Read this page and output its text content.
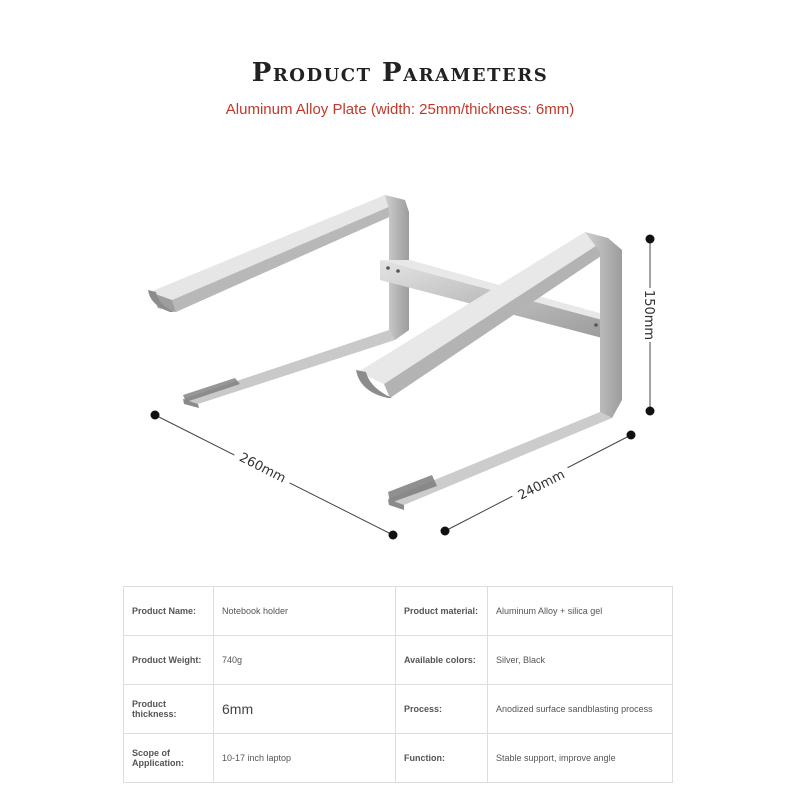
Product Parameters
Aluminum Alloy Plate (width: 25mm/thickness: 6mm)
260mm	240mm
150mm
Product Name:	Notebook holder	Product material:	Aluminum Alloy + silica gel
Product Weight:	740g	Available colors:	Silver, Black
Product thickness:	6mm	Process:	Anodized surface sandblasting process
Scope of Application:	10-17 inch laptop	Function:	Stable support, improve angle
